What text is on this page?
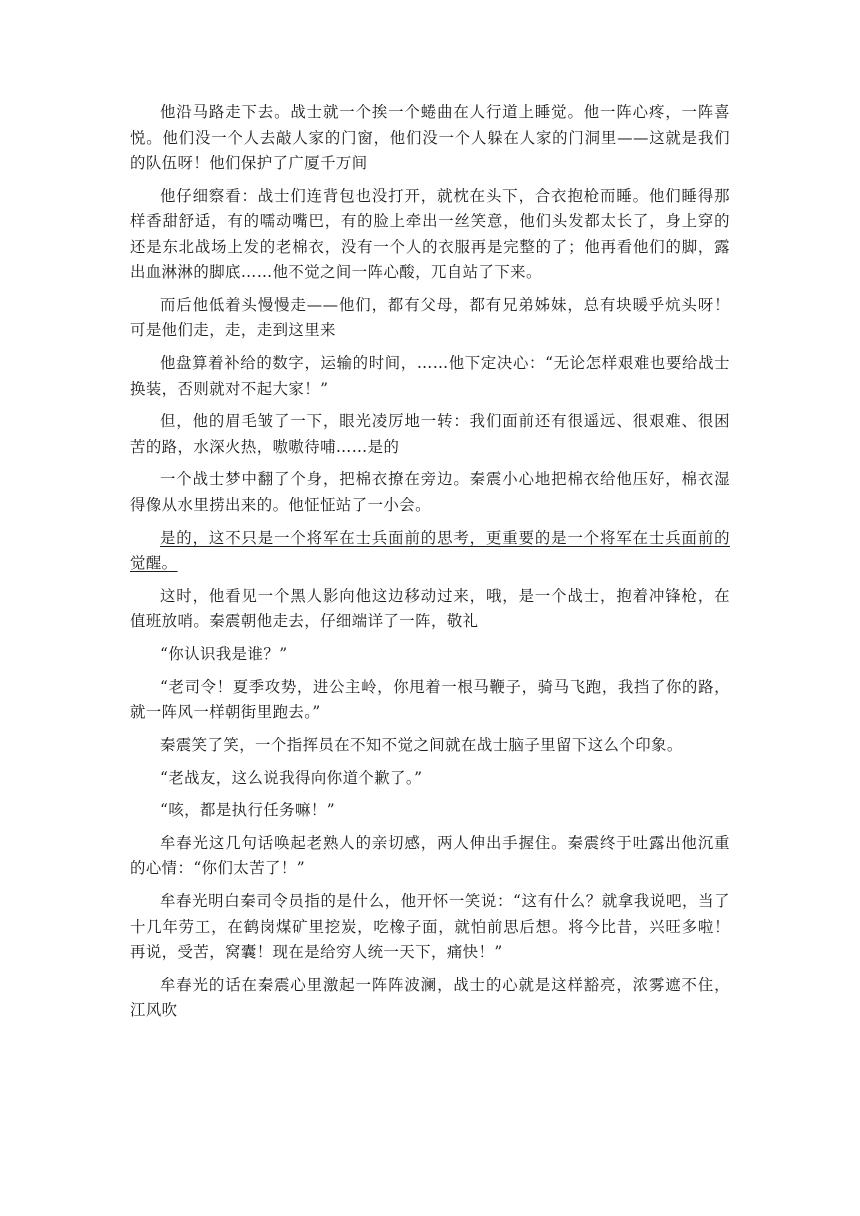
他沿马路走下去。战士就一个挨一个蜷曲在人行道上睡觉。他一阵心疼，一阵喜悦。他们没一个人去敲人家的门窗，他们没一个人躲在人家的门洞里——这就是我们的队伍呀！他们保护了广厦千万间

他仔细察看：战士们连背包也没打开，就枕在头下，合衣抱枪而睡。他们睡得那样香甜舒适，有的嚅动嘴巴，有的脸上牵出一丝笑意，他们头发都太长了，身上穿的还是东北战场上发的老棉衣，没有一个人的衣服再是完整的了；他再看他们的脚，露出血淋淋的脚底……他不觉之间一阵心酸，兀自站了下来。

而后他低着头慢慢走——他们，都有父母，都有兄弟姊妹，总有块暖乎炕头呀！可是他们走，走，走到这里来

他盘算着补给的数字，运输的时间，……他下定决心：“无论怎样艰难也要给战士换装，否则就对不起大家！”

但，他的眉毛皱了一下，眼光凌厉地一转：我们面前还有很遥远、很艰难、很困苦的路，水深火热，嗷嗷待哺……是的

一个战士梦中翻了个身，把棉衣撩在旁边。秦震小心地把棉衣给他压好，棉衣湿得像从水里捞出来的。他怔怔站了一小会。

是的，这不只是一个将军在士兵面前的思考，更重要的是一个将军在士兵面前的觉醒。

这时，他看见一个黑人影向他这边移动过来，哦，是一个战士，抱着冲锋枪，在值班放哨。秦震朝他走去，仔细端详了一阵，敬礼

“你认识我是谁？”

“老司令！夏季攻势，进公主岭，你甩着一根马鞭子，骑马飞跑，我挡了你的路，就一阵风一样朝街里跑去。”

秦震笑了笑，一个指挥员在不知不觉之间就在战士脑子里留下这么个印象。

“老战友，这么说我得向你道个歉了。”

“咳，都是执行任务嘛！”

牟春光这几句话唤起老熟人的亲切感，两人伸出手握住。秦震终于吐露出他沉重的心情：“你们太苦了！”

牟春光明白秦司令员指的是什么，他开怀一笑说：“这有什么？就拿我说吧，当了十几年劳工，在鹤岗煤矿里挖炭，吃橡子面，就怕前思后想。将今比昔，兴旺多啦！再说，受苦，窝囊！现在是给穷人统一天下，痛快！”

牟春光的话在秦震心里激起一阵阵波澜，战士的心就是这样豁亮，浓雾遮不住，江风吹
